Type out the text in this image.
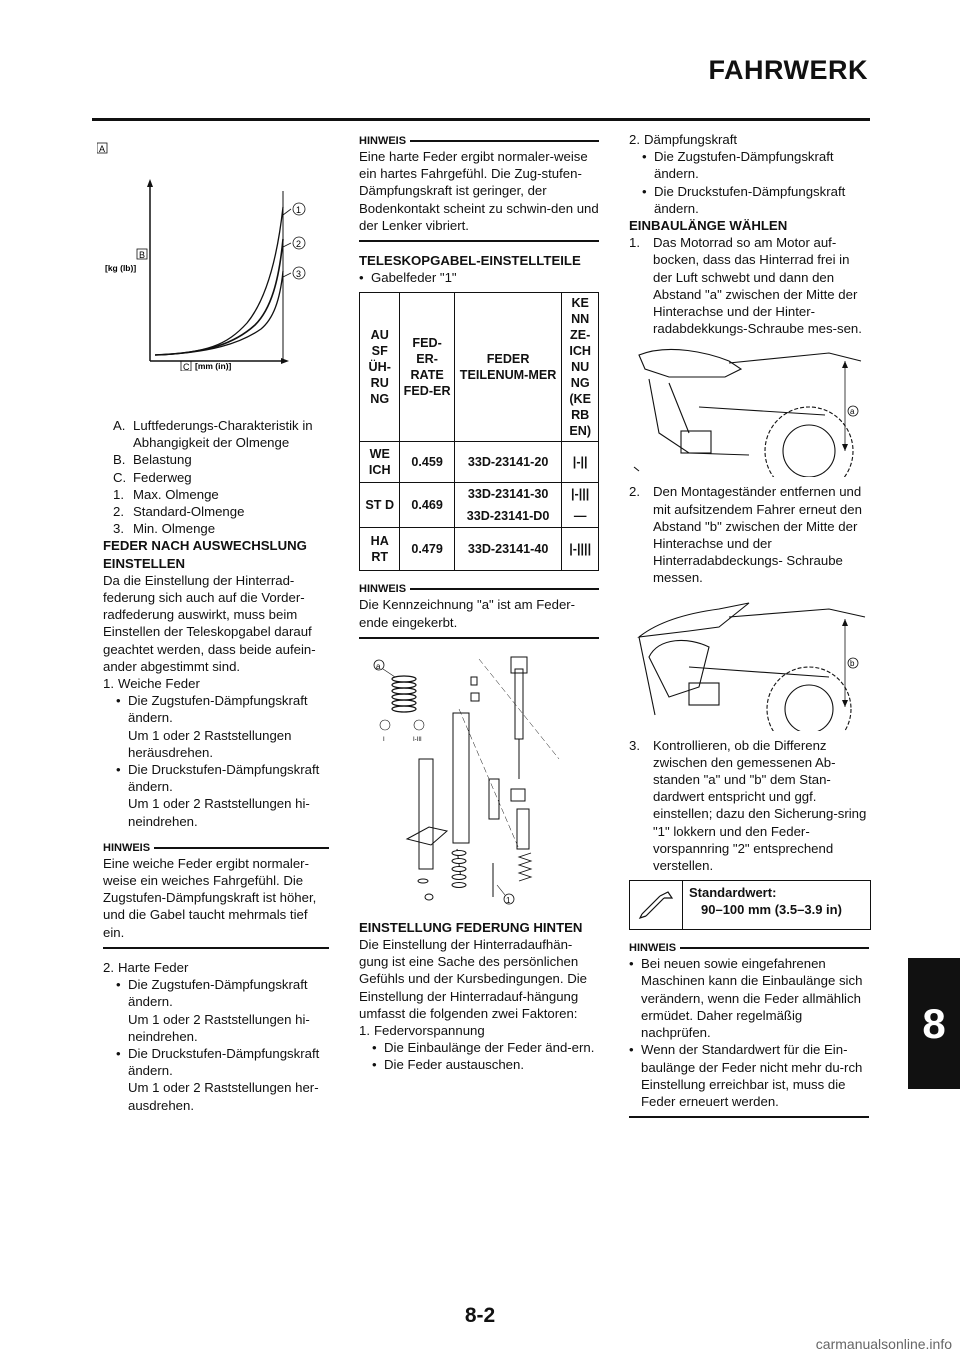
FAHRWERK
A
1
2
3
B
[kg (lb)]
C [mm (in)]
A. Luftfederungs-Charakteristik in Abhangigkeit der Olmenge
B. Belastung
C. Federweg
1. Max. Olmenge
2. Standard-Olmenge
3. Min. Olmenge

FEDER NACH AUSWECHSLUNG EINSTELLEN

Da die Einstellung der Hinterrad-federung sich auch auf die Vorder-radfederung auswirkt, muss beim Einstellen der Teleskopgabel darauf geachtet werden, dass beide aufein-ander abgestimmt sind.

1. Weiche Feder
• Die Zugstufen-Dämpfungskraft ändern.
Um 1 oder 2 Raststellungen heräusdrehen.
• Die Druckstufen-Dämpfungskraft ändern.
Um 1 oder 2 Raststellungen hi-neindrehen.
HINWEIS

Eine weiche Feder ergibt normaler-weise ein weiches Fahrgefühl. Die Zugstufen-Dämpfungskraft ist höher, und die Gabel taucht mehrmals tief ein.

2. Harte Feder
• Die Zugstufen-Dämpfungskraft ändern.
Um 1 oder 2 Raststellungen hi-neindrehen.
• Die Druckstufen-Dämpfungskraft ändern.
Um 1 oder 2 Raststellungen her-ausdrehen.
HINWEIS

Eine harte Feder ergibt normaler-weise ein hartes Fahrgefühl. Die Zug-stufen-Dämpfungskraft ist geringer, der Bodenkontakt scheint zu schwin-den und der Lenker vibriert.

TELESKOPGABEL-EINSTELLTEILE

• Gabelfeder "1"
AU SF ÜH-RU NG	FED-ER-RATE FED-ER	FEDER TEILENUM-MER	KE NN ZE-ICH NU NG (KE RB EN)
WE ICH	0.459	33D-23141-20	|-||
ST D	0.469	33D-23141-30	|-|||
		33D-23141-D0	—
HA RT	0.479	33D-23141-40	|-||||
HINWEIS

Die Kennzeichnung "a" ist am Feder-ende eingekerbt.

a
I	I-III
1

EINSTELLUNG FEDERUNG HINTEN

Die Einstellung der Hinterradaufhän-gung ist eine Sache des persönlichen Gefühls und der Kursbedingungen. Die Einstellung der Hinterradauf-hängung umfasst die folgenden zwei Faktoren:

1. Federvorspannung
• Die Einbaulänge der Feder änd-ern.
• Die Feder austauschen.
2. Dämpfungskraft
• Die Zugstufen-Dämpfungskraft ändern.
• Die Druckstufen-Dämpfungskraft ändern.

EINBAULÄNGE WÄHLEN

1. Das Motorrad so am Motor auf-bocken, dass das Hinterrad frei in der Luft schwebt und dann den Abstand "a" zwischen der Mitte der Hinterachse und der Hinter-radabdekkungs-Schraube mes-sen.
a
2. Den Montageständer entfernen und mit aufsitzendem Fahrer erneut den Abstand "b" zwischen der Mitte der Hinterachse und der Hinterradabdeckungs- Schraube messen.
b
3. Kontrollieren, ob die Differenz zwischen den gemessenen Ab-standen "a" und "b" dem Stan-dardwert entspricht und ggf. einstellen; dazu den Sicherung-sring "1" lokkern und den Feder-vorspannring "2" entsprechend verstellen.
Standardwert:
90–100 mm (3.5–3.9 in)
HINWEIS
• Bei neuen sowie eingefahrenen Maschinen kann die Einbaulänge sich verändern, wenn die Feder allmählich ermüdet. Daher regelmäßig nachprüfen.
• Wenn der Standardwert für die Ein-baulänge der Feder nicht mehr du-rch Einstellung erreichbar ist, muss die Feder erneuert werden.
8
8-2
carmanualsonline.info
